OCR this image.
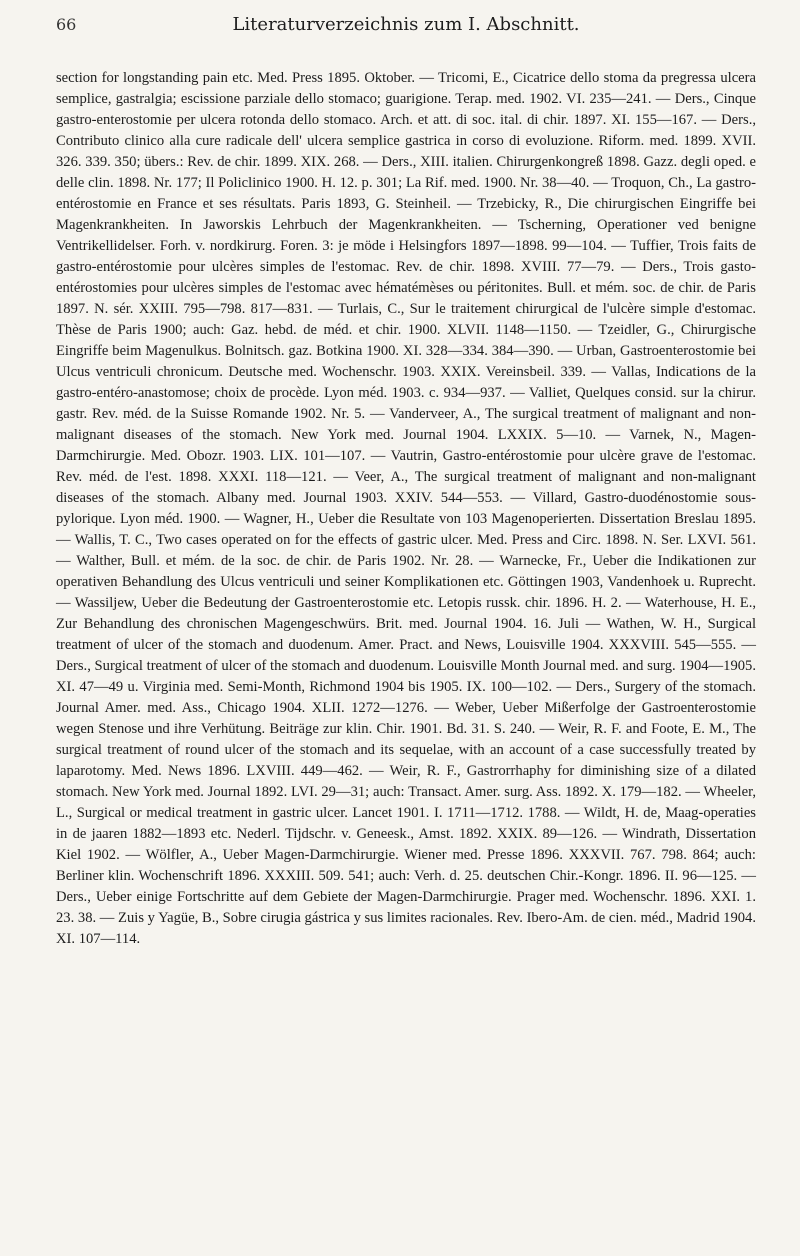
66	Literaturverzeichnis zum I. Abschnitt.

section for longstanding pain etc. Med. Press 1895. Oktober. — Tricomi, E., Cicatrice dello stoma da pregressa ulcera semplice, gastralgia; escissione parziale dello stomaco; guarigione. Terap. med. 1902. VI. 235—241. — Ders., Cinque gastro-enterostomie per ulcera rotonda dello stomaco. Arch. et att. di soc. ital. di chir. 1897. XI. 155—167. — Ders., Contributo clinico alla cure radicale dell' ulcera semplice gastrica in corso di evoluzione. Riform. med. 1899. XVII. 326. 339. 350; übers.: Rev. de chir. 1899. XIX. 268. — Ders., XIII. italien. Chirurgenkongreß 1898. Gazz. degli oped. e delle clin. 1898. Nr. 177; Il Policlinico 1900. H. 12. p. 301; La Rif. med. 1900. Nr. 38—40. — Troquon, Ch., La gastro-entérostomie en France et ses résultats. Paris 1893, G. Steinheil. — Trzebicky, R., Die chirurgischen Eingriffe bei Magenkrankheiten. In Jaworskis Lehrbuch der Magenkrankheiten. — Tscherning, Operationer ved benigne Ventrikellidelser. Forh. v. nordkirurg. Foren. 3: je möde i Helsingfors 1897—1898. 99—104. — Tuffier, Trois faits de gastro-entérostomie pour ulcères simples de l'estomac. Rev. de chir. 1898. XVIII. 77—79. — Ders., Trois gasto-entérostomies pour ulcères simples de l'estomac avec hématémèses ou péritonites. Bull. et mém. soc. de chir. de Paris 1897. N. sér. XXIII. 795—798. 817—831. — Turlais, C., Sur le traitement chirurgical de l'ulcère simple d'estomac. Thèse de Paris 1900; auch: Gaz. hebd. de méd. et chir. 1900. XLVII. 1148—1150. — Tzeidler, G., Chirurgische Eingriffe beim Magenulkus. Bolnitsch. gaz. Botkina 1900. XI. 328—334. 384—390. — Urban, Gastroenterostomie bei Ulcus ventriculi chronicum. Deutsche med. Wochenschr. 1903. XXIX. Vereinsbeil. 339. — Vallas, Indications de la gastro-entéro-anastomose; choix de procède. Lyon méd. 1903. c. 934—937. — Valliet, Quelques consid. sur la chirur. gastr. Rev. méd. de la Suisse Romande 1902. Nr. 5. — Vanderveer, A., The surgical treatment of malignant and non-malignant diseases of the stomach. New York med. Journal 1904. LXXIX. 5—10. — Varnek, N., Magen-Darmchirurgie. Med. Obozr. 1903. LIX. 101—107. — Vautrin, Gastro-entérostomie pour ulcère grave de l'estomac. Rev. méd. de l'est. 1898. XXXI. 118—121. — Veer, A., The surgical treatment of malignant and non-malignant diseases of the stomach. Albany med. Journal 1903. XXIV. 544—553. — Villard, Gastro-duodénostomie sous-pylorique. Lyon méd. 1900. — Wagner, H., Ueber die Resultate von 103 Magenoperierten. Dissertation Breslau 1895. — Wallis, T. C., Two cases operated on for the effects of gastric ulcer. Med. Press and Circ. 1898. N. Ser. LXVI. 561. — Walther, Bull. et mém. de la soc. de chir. de Paris 1902. Nr. 28. — Warnecke, Fr., Ueber die Indikationen zur operativen Behandlung des Ulcus ventriculi und seiner Komplikationen etc. Göttingen 1903, Vandenhoek u. Ruprecht. — Wassiljew, Ueber die Bedeutung der Gastroenterostomie etc. Letopis russk. chir. 1896. H. 2. — Waterhouse, H. E., Zur Behandlung des chronischen Magengeschwürs. Brit. med. Journal 1904. 16. Juli — Wathen, W. H., Surgical treatment of ulcer of the stomach and duodenum. Amer. Pract. and News, Louisville 1904. XXXVIII. 545—555. — Ders., Surgical treatment of ulcer of the stomach and duodenum. Louisville Month Journal med. and surg. 1904—1905. XI. 47—49 u. Virginia med. Semi-Month, Richmond 1904 bis 1905. IX. 100—102. — Ders., Surgery of the stomach. Journal Amer. med. Ass., Chicago 1904. XLII. 1272—1276. — Weber, Ueber Mißerfolge der Gastroenterostomie wegen Stenose und ihre Verhütung. Beiträge zur klin. Chir. 1901. Bd. 31. S. 240. — Weir, R. F. and Foote, E. M., The surgical treatment of round ulcer of the stomach and its sequelae, with an account of a case successfully treated by laparotomy. Med. News 1896. LXVIII. 449—462. — Weir, R. F., Gastrorrhaphy for diminishing size of a dilated stomach. New York med. Journal 1892. LVI. 29—31; auch: Transact. Amer. surg. Ass. 1892. X. 179—182. — Wheeler, L., Surgical or medical treatment in gastric ulcer. Lancet 1901. I. 1711—1712. 1788. — Wildt, H. de, Maag-operaties in de jaaren 1882—1893 etc. Nederl. Tijdschr. v. Geneesk., Amst. 1892. XXIX. 89—126. — Windrath, Dissertation Kiel 1902. — Wölfler, A., Ueber Magen-Darmchirurgie. Wiener med. Presse 1896. XXXVII. 767. 798. 864; auch: Berliner klin. Wochenschrift 1896. XXXIII. 509. 541; auch: Verh. d. 25. deutschen Chir.-Kongr. 1896. II. 96—125. — Ders., Ueber einige Fortschritte auf dem Gebiete der Magen-Darmchirurgie. Prager med. Wochenschr. 1896. XXI. 1. 23. 38. — Zuis y Yagüe, B., Sobre cirugia gástrica y sus limites racionales. Rev. Ibero-Am. de cien. méd., Madrid 1904. XI. 107—114.
